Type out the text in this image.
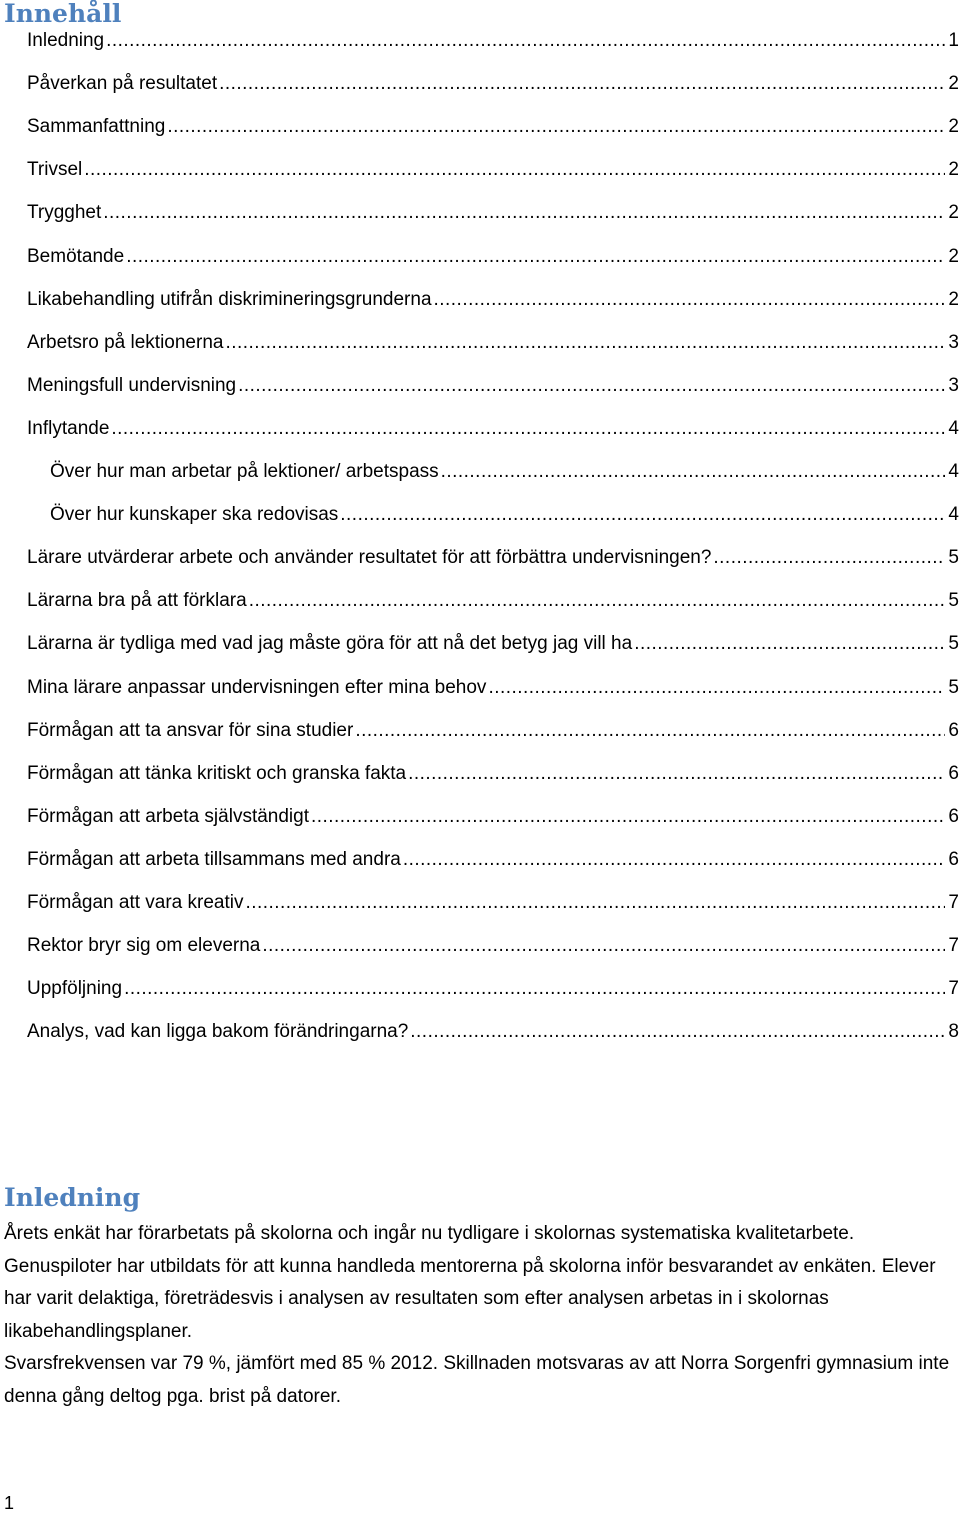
Innehåll
Inledning . . .	1
Påverkan på resultatet . . .	2
Sammanfattning . . .	2
Trivsel . . .	2
Trygghet . . .	2
Bemötande . . .	2
Likabehandling utifrån diskrimineringsgrunderna . . .	2
Arbetsro på lektionerna . . .	3
Meningsfull undervisning . . .	3
Inflytande . . .	4
Över hur man arbetar på lektioner/ arbetspass . . .	4
Över hur kunskaper ska redovisas . . .	4
Lärare utvärderar arbete och använder resultatet för att förbättra undervisningen? . . .	5
Lärarna bra på att förklara . . .	5
Lärarna är tydliga med vad jag måste göra för att nå det betyg jag vill ha . . .	5
Mina lärare anpassar undervisningen efter mina behov . . .	5
Förmågan att ta ansvar för sina studier . . .	6
Förmågan att tänka kritiskt och granska fakta . . .	6
Förmågan att arbeta självständigt . . .	6
Förmågan att arbeta tillsammans med andra . . .	6
Förmågan att vara kreativ . . .	7
Rektor bryr sig om eleverna . . .	7
Uppföljning . . .	7
Analys, vad kan ligga bakom förändringarna? . . .	8
Inledning

Årets enkät har förarbetats på skolorna och ingår nu tydligare i skolornas systematiska kvalitetarbete. Genuspiloter har utbildats för att kunna handleda mentorerna på skolorna inför besvarandet av enkäten. Elever har varit delaktiga, företrädesvis i analysen av resultaten som efter analysen arbetas in i skolornas likabehandlingsplaner.

Svarsfrekvensen var 79 %, jämfört med 85 % 2012. Skillnaden motsvaras av att Norra Sorgenfri gymnasium inte denna gång deltog pga. brist på datorer.

1
